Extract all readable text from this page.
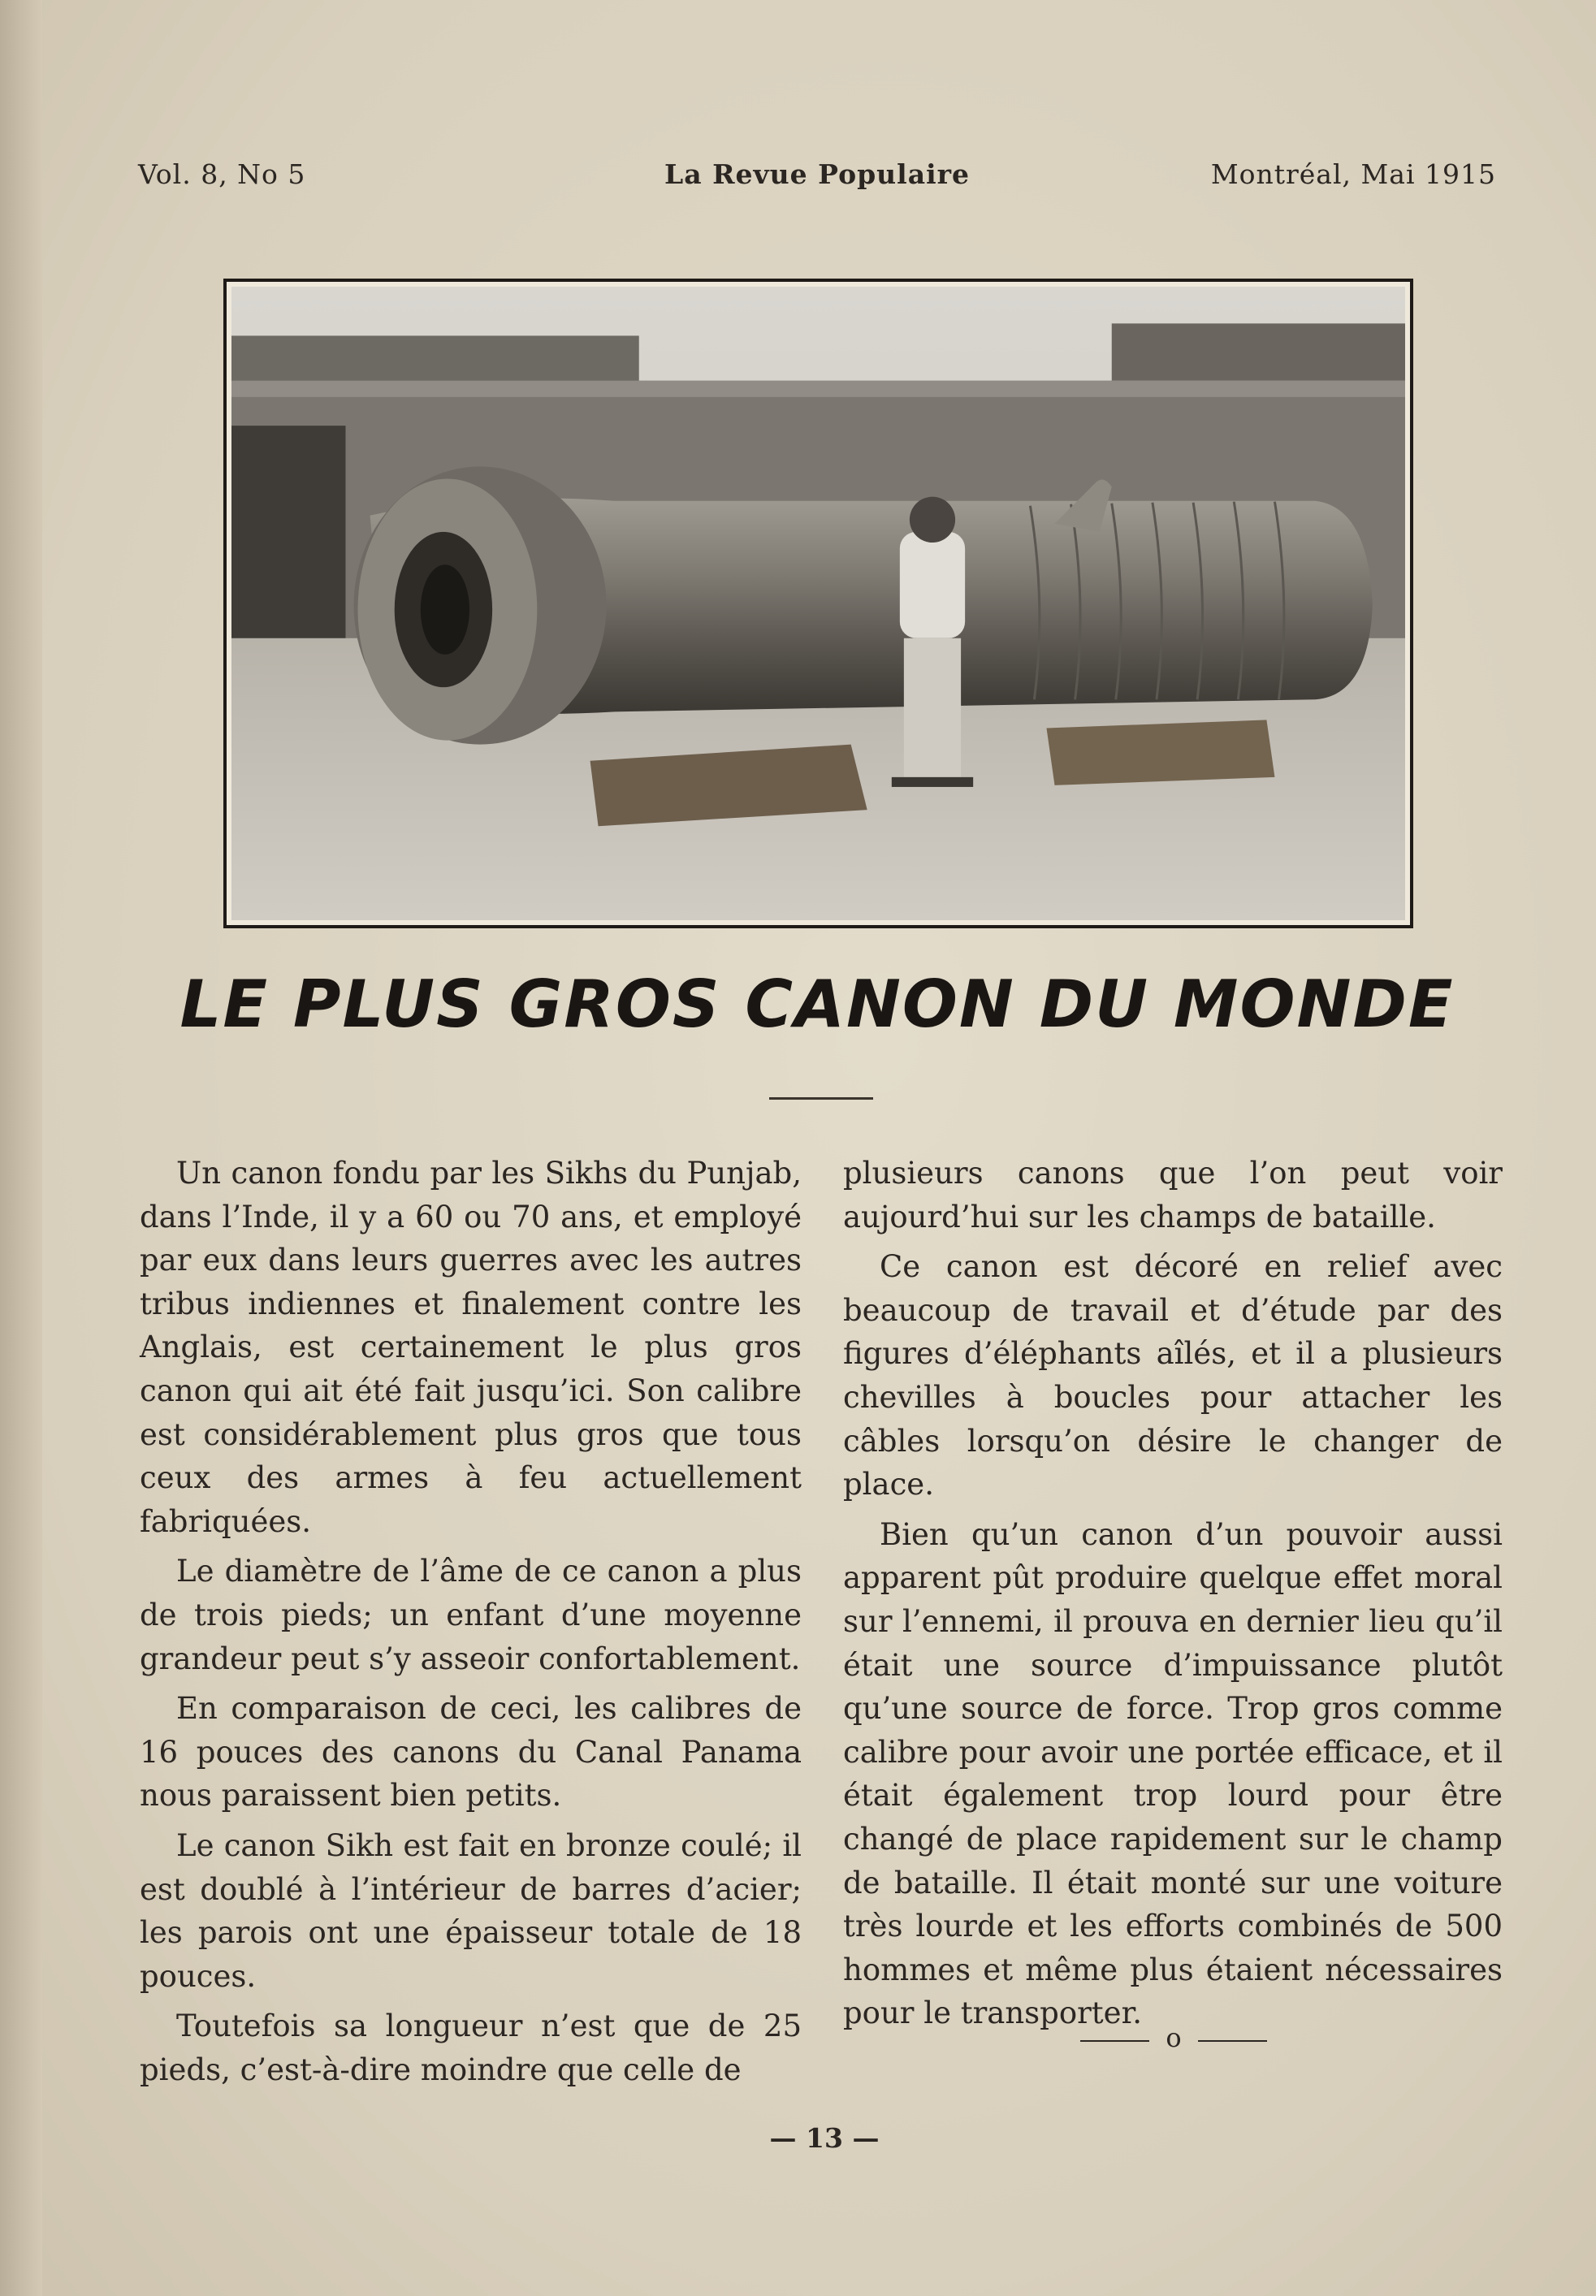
Vol. 8, No 5	La Revue Populaire	Montréal, Mai 1915
LE PLUS GROS CANON DU MONDE

Un canon fondu par les Sikhs du Punjab, dans l’Inde, il y a 60 ou 70 ans, et employé par eux dans leurs guerres avec les autres tribus indiennes et finalement contre les Anglais, est certainement le plus gros canon qui ait été fait jusqu’ici. Son calibre est considérablement plus gros que tous ceux des armes à feu actuellement fabriquées.

Le diamètre de l’âme de ce canon a plus de trois pieds; un enfant d’une moyenne grandeur peut s’y asseoir confortablement.

En comparaison de ceci, les calibres de 16 pouces des canons du Canal Panama nous paraissent bien petits.

Le canon Sikh est fait en bronze coulé; il est doublé à l’intérieur de barres d’acier; les parois ont une épaisseur totale de 18 pouces.

Toutefois sa longueur n’est que de 25 pieds, c’est-à-dire moindre que celle de

plusieurs canons que l’on peut voir aujourd’hui sur les champs de bataille.

Ce canon est décoré en relief avec beaucoup de travail et d’étude par des figures d’éléphants aîlés, et il a plusieurs chevilles à boucles pour attacher les câbles lorsqu’on désire le changer de place.

Bien qu’un canon d’un pouvoir aussi apparent pût produire quelque effet moral sur l’ennemi, il prouva en dernier lieu qu’il était une source d’impuissance plutôt qu’une source de force. Trop gros comme calibre pour avoir une portée efficace, et il était également trop lourd pour être changé de place rapidement sur le champ de bataille. Il était monté sur une voiture très lourde et les efforts combinés de 500 hommes et même plus étaient nécessaires pour le transporter.

o
— 13 —
